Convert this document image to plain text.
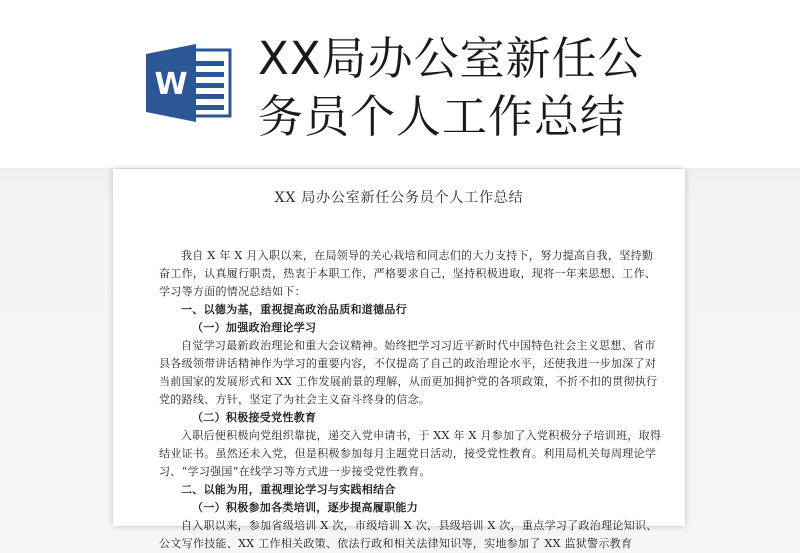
W XX局办公室新任公
务员个人工作总结
XX 局办公室新任公务员个人工作总结

我自 X 年 X 月入职以来，在局领导的关心栽培和同志们的大力支持下，努力提高自我，坚持勤奋工作，认真履行职责，热衷于本职工作，严格要求自己，坚持积极进取，现将一年来思想、工作、学习等方面的情况总结如下：

一、以德为基，重视提高政治品质和道德品行

（一）加强政治理论学习

自觉学习最新政治理论和重大会议精神。始终把学习习近平新时代中国特色社会主义思想、省市县各级领带讲话精神作为学习的重要内容，不仅提高了自己的政治理论水平，还使我进一步加深了对当前国家的发展形式和 XX 工作发展前景的理解，从而更加拥护党的各项政策，不折不扣的贯彻执行党的路线、方针，坚定了为社会主义奋斗终身的信念。

（二）积极接受党性教育

入职后便积极向党组织靠拢，递交入党申请书，于 XX 年 X 月参加了入党积极分子培训班，取得结业证书。虽然还未入党，但是积极参加每月主题党日活动，接受党性教育。利用局机关每周理论学习、“学习强国”在线学习等方式进一步接受党性教育。

二、以能为用，重视理论学习与实践相结合

（一）积极参加各类培训，逐步提高履职能力

自入职以来，参加省级培训 X 次，市级培训 X 次，县级培训 X 次，重点学习了政治理论知识、公文写作技能、XX 工作相关政策、依法行政和相关法律知识等，实地参加了 XX 监狱警示教育
